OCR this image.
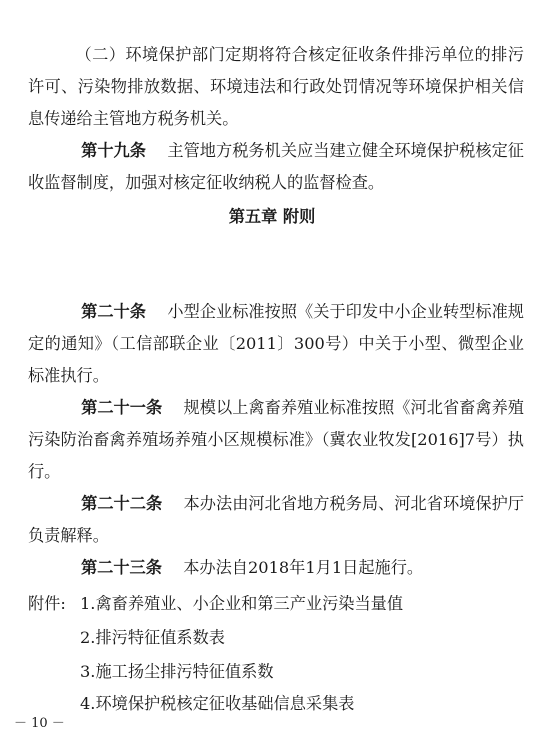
　　（二）环境保护部门定期将符合核定征收条件排污单位的排污许可、污染物排放数据、环境违法和行政处罚情况等环境保护相关信息传递给主管地方税务机关。

　　第十九条　 主管地方税务机关应当建立健全环境保护税核定征收监督制度，加强对核定征收纳税人的监督检查。

第五章 附则

　　第二十条　 小型企业标准按照《关于印发中小企业转型标准规定的通知》（工信部联企业〔2011〕300号）中关于小型、微型企业标准执行。

　　第二十一条　 规模以上禽畜养殖业标准按照《河北省畜禽养殖污染防治畜禽养殖场养殖小区规模标准》（冀农业牧发[2016]7号）执行。

　　第二十二条　 本办法由河北省地方税务局、河北省环境保护厅负责解释。

　　第二十三条　 本办法自2018年1月1日起施行。

附件: 1.禽畜养殖业、小企业和第三产业污染当量值
2.排污特征值系数表
3.施工扬尘排污特征值系数
4.环境保护税核定征收基础信息采集表
－ 10 －
